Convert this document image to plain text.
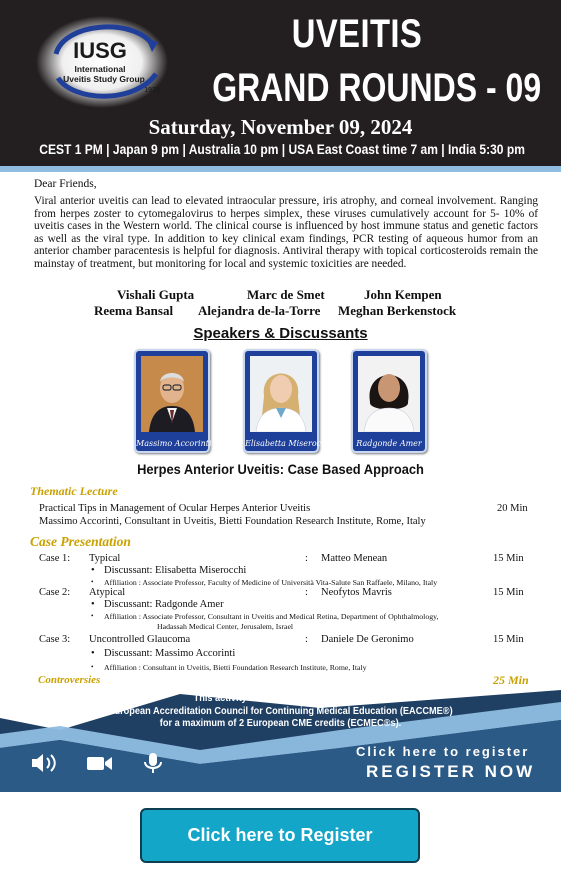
IUSG
International
Uveitis Study Group
1978
UVEITIS
GRAND ROUNDS - 09
Saturday, November 09, 2024
CEST 1 PM | Japan 9 pm | Australia 10 pm | USA East Coast time 7 am | India 5:30 pm
Dear Friends,
Viral anterior uveitis can lead to elevated intraocular pressure, iris atrophy, and corneal involvement. Ranging from herpes zoster to cytomegalovirus to herpes simplex, these viruses cumulatively account for 5- 10% of uveitis cases in the Western world. The clinical course is influenced by host immune status and genetic factors as well as the viral type. In addition to key clinical exam findings, PCR testing of aqueous humor from an anterior chamber paracentesis is helpful for diagnosis. Antiviral therapy with topical corticosteroids remain the mainstay of treatment, but monitoring for local and systemic toxicities are needed.
Vishali Gupta	Marc de Smet	John Kempen
Reema Bansal Alejandra de-la-Torre Meghan Berkenstock
Speakers & Discussants
Massimo Accorinti	Elisabetta Miserocchi	Radgonde Amer
Herpes Anterior Uveitis: Case Based Approach
Thematic Lecture
Practical Tips in Management of Ocular Herpes Anterior Uveitis	20 Min
Massimo Accorinti, Consultant in Uveitis, Bietti Foundation Research Institute, Rome, Italy
Case Presentation
Case 1: Typical	: Matteo Menean	15 Min
• Discussant: Elisabetta Miserocchi
• Affiliation : Associate Professor, Faculty of Medicine of Università Vita-Salute San Raffaele, Milano, Italy
Case 2: Atypical	: Neofytos Mavris	15 Min
• Discussant: Radgonde Amer
• Affiliation : Associate Professor, Consultant in Uveitis and Medical Retina, Department of Ophthalmology,
Hadassah Medical Center, Jerusalem, Israel
Case 3: Uncontrolled Glaucoma	: Daniele De Geronimo	15 Min
• Discussant: Massimo Accorinti
• Affiliation : Consultant in Uveitis, Bietti Foundation Research Institute, Rome, Italy
Controversies	25 Min
This activity has been accredited by the
European Accreditation Council for Continuing Medical Education (EACCME®)
for a maximum of 2 European CME credits (ECMEC®s).
Click here to register
REGISTER NOW
Click here to Register
